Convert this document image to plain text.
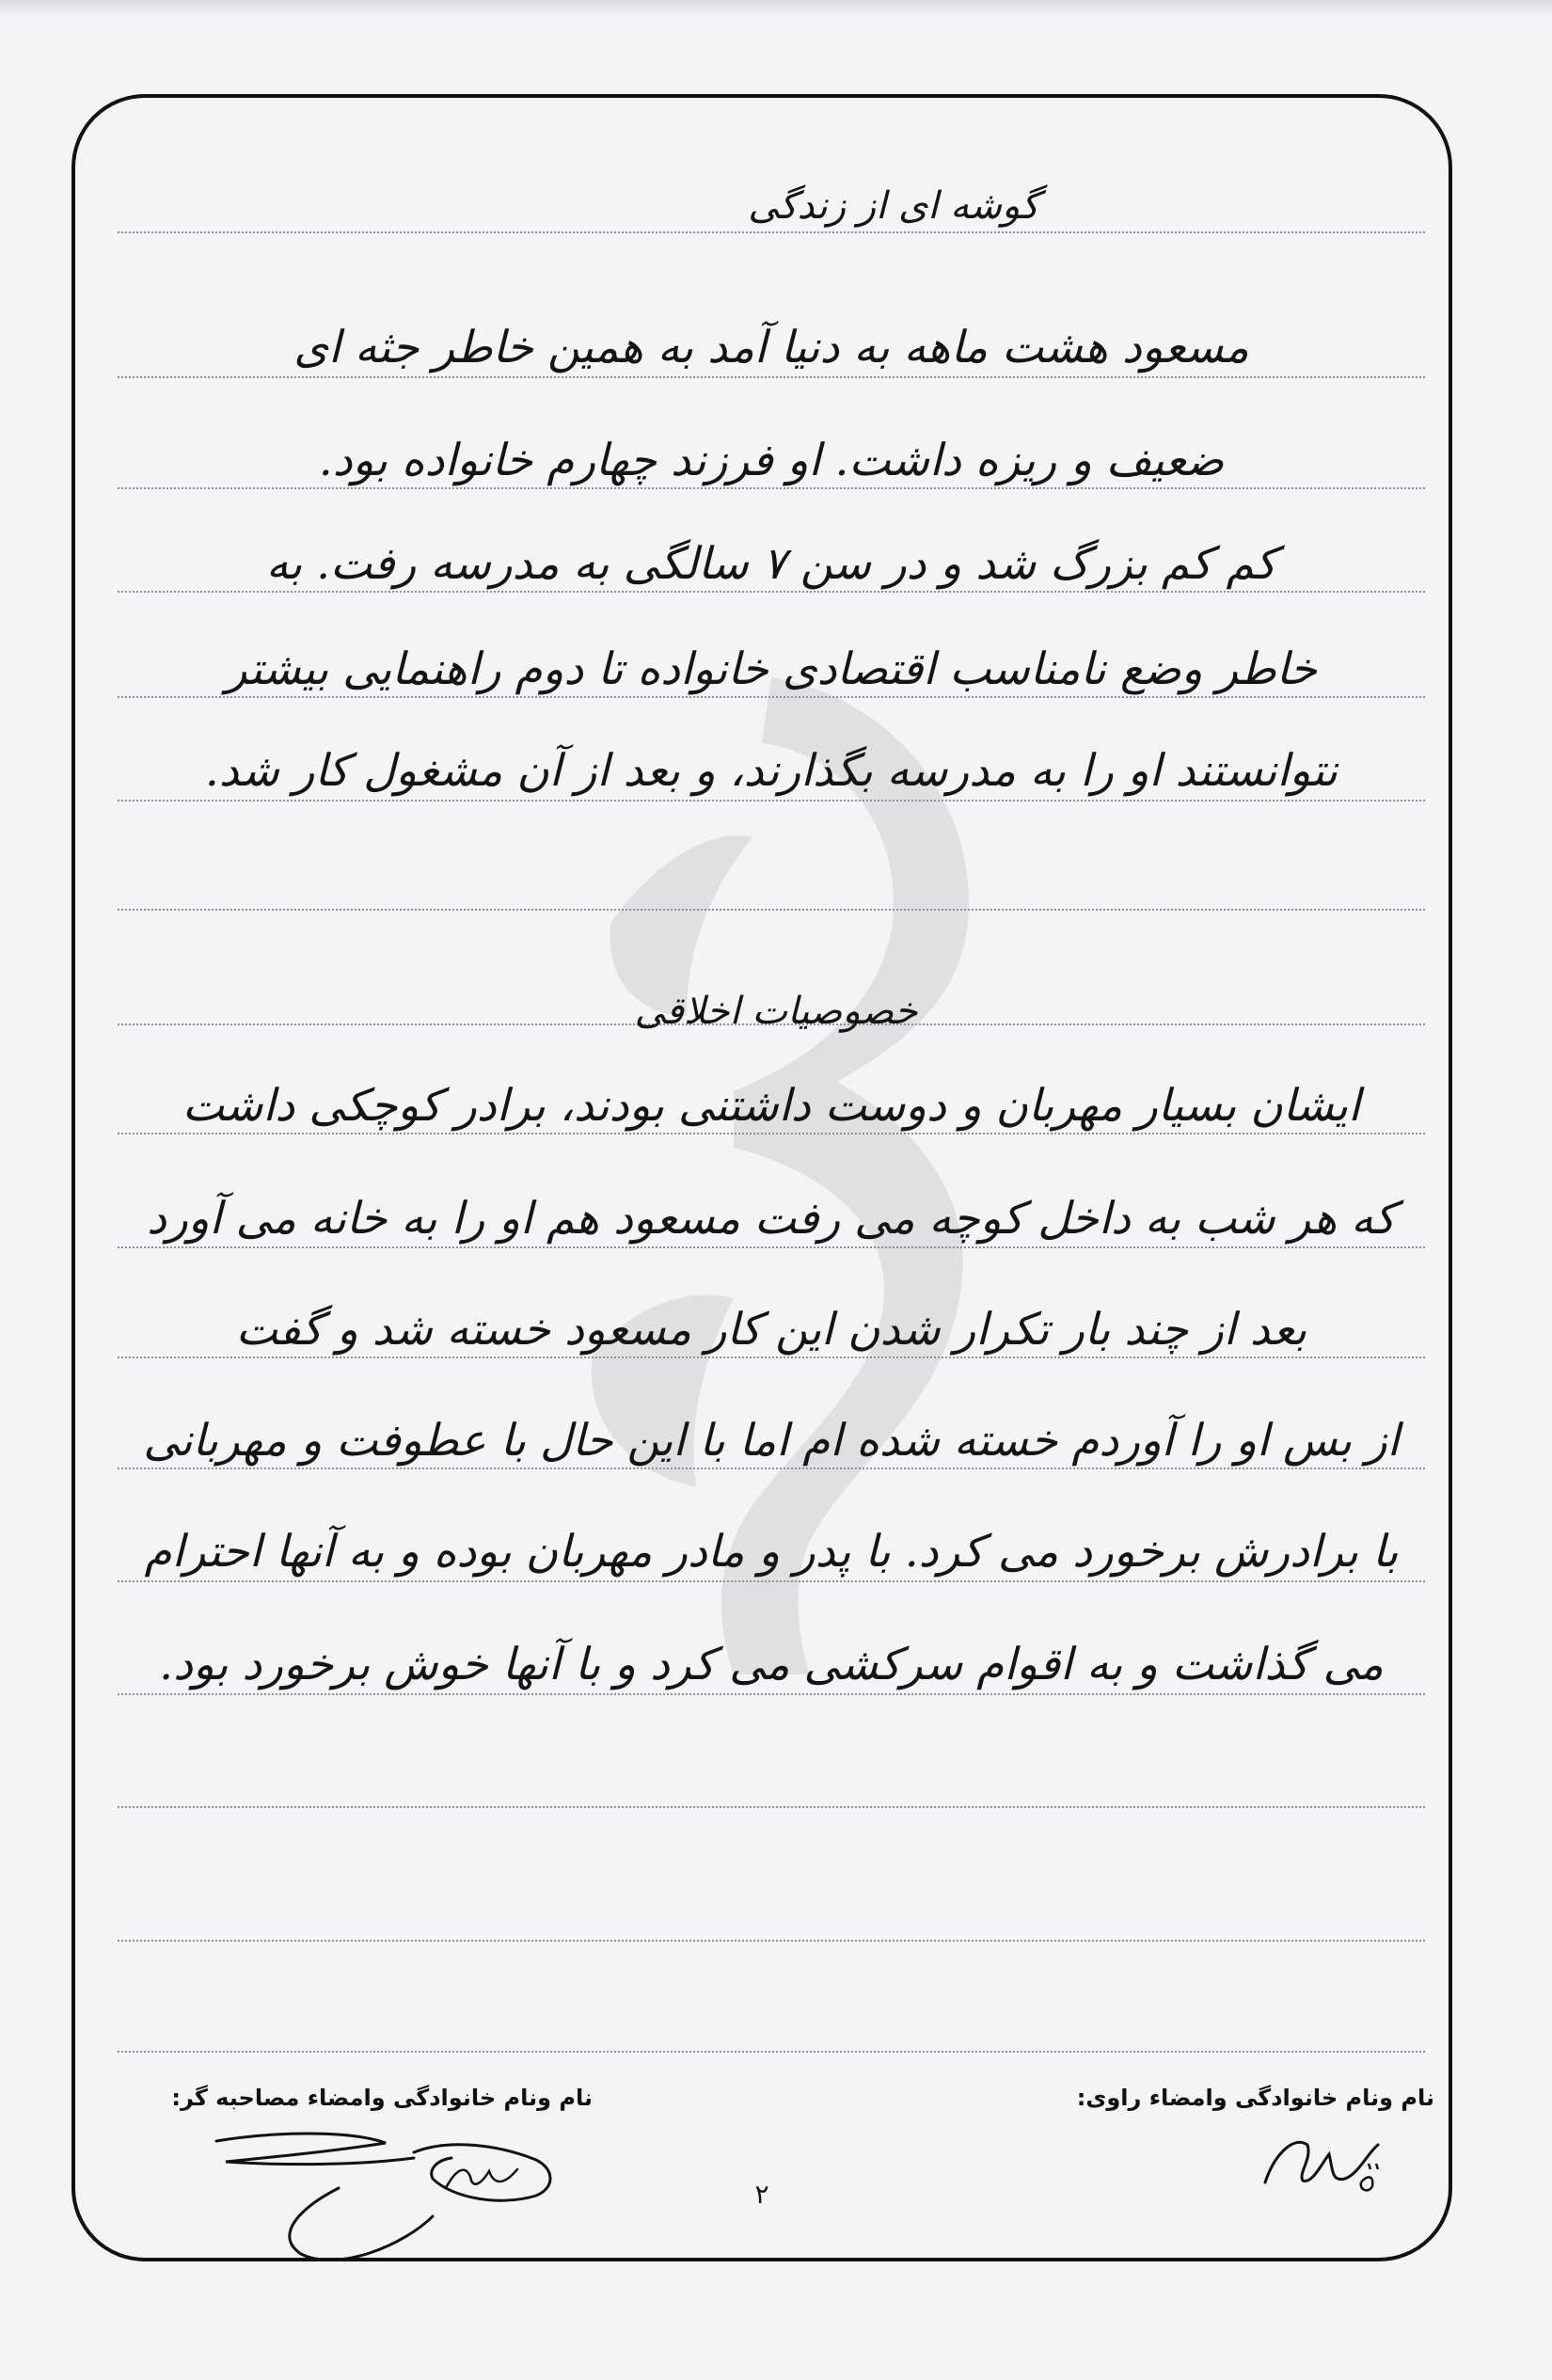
گوشه ای از زندگی
مسعود هشت ماهه به دنیا آمد به همین خاطر جثه ای
ضعیف و ریزه داشت. او فرزند چهارم خانواده بود.
کم کم بزرگ شد و در سن ۷ سالگی به مدرسه رفت. به
خاطر وضع نامناسب اقتصادی خانواده تا دوم راهنمایی بیشتر
نتوانستند او را به مدرسه بگذارند، و بعد از آن مشغول کار شد.
خصوصیات اخلاقی
ایشان بسیار مهربان و دوست داشتنی بودند، برادر کوچکی داشت
که هر شب به داخل کوچه می رفت مسعود هم او را به خانه می آورد
بعد از چند بار تکرار شدن این کار مسعود خسته شد و گفت
از بس او را آوردم خسته شده ام اما با این حال با عطوفت و مهربانی
با برادرش برخورد می کرد. با پدر و مادر مهربان بوده و به آنها احترام
می گذاشت و به اقوام سرکشی می کرد و با آنها خوش برخورد بود.
نام ونام خانوادگی وامضاء راوی:
نام ونام خانوادگی وامضاء مصاحبه گر:
۲
